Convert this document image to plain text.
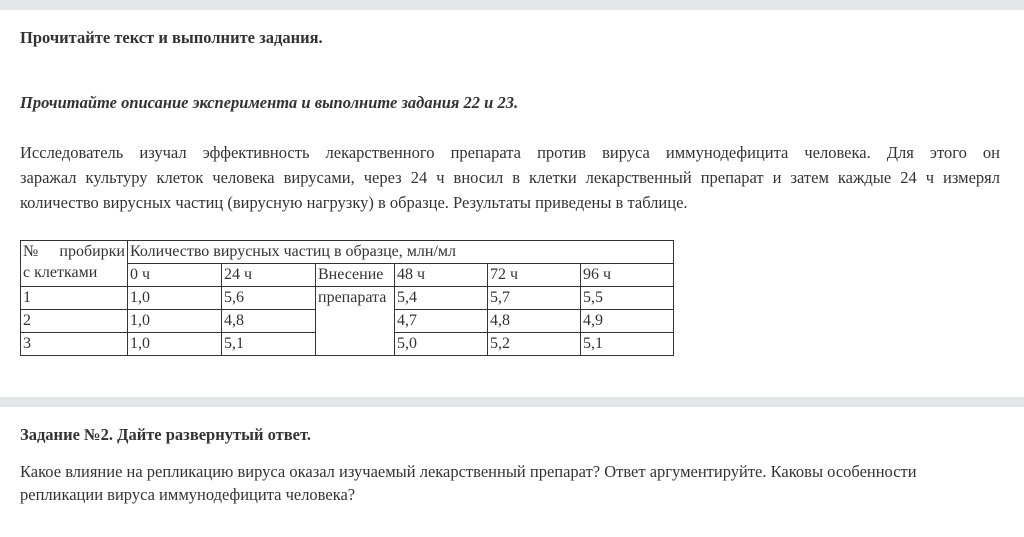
Прочитайте текст и выполните задания.
Прочитайте описание эксперимента и выполните задания 22 и 23.
Исследователь изучал эффективность лекарственного препарата против вируса иммунодефицита человека. Для этого он
заражал культуру клеток человека вирусами, через 24 ч вносил в клетки лекарственный препарат и затем каждые 24 ч измерял
количество вирусных частиц (вирусную нагрузку) в образце. Результаты приведены в таблице.
№ пробирки
с клетками	Количество вирусных частиц в образце, млн/мл					
	0 ч	24 ч	Внесение	48 ч	72 ч	96 ч
1	1,0	5,6	препарата	5,4	5,7	5,5
2	1,0	4,8		4,7	4,8	4,9
3	1,0	5,1		5,0	5,2	5,1
Задание №2. Дайте развернутый ответ.
Какое влияние на репликацию вируса оказал изучаемый лекарственный препарат? Ответ аргументируйте. Каковы особенности
репликации вируса иммунодефицита человека?
